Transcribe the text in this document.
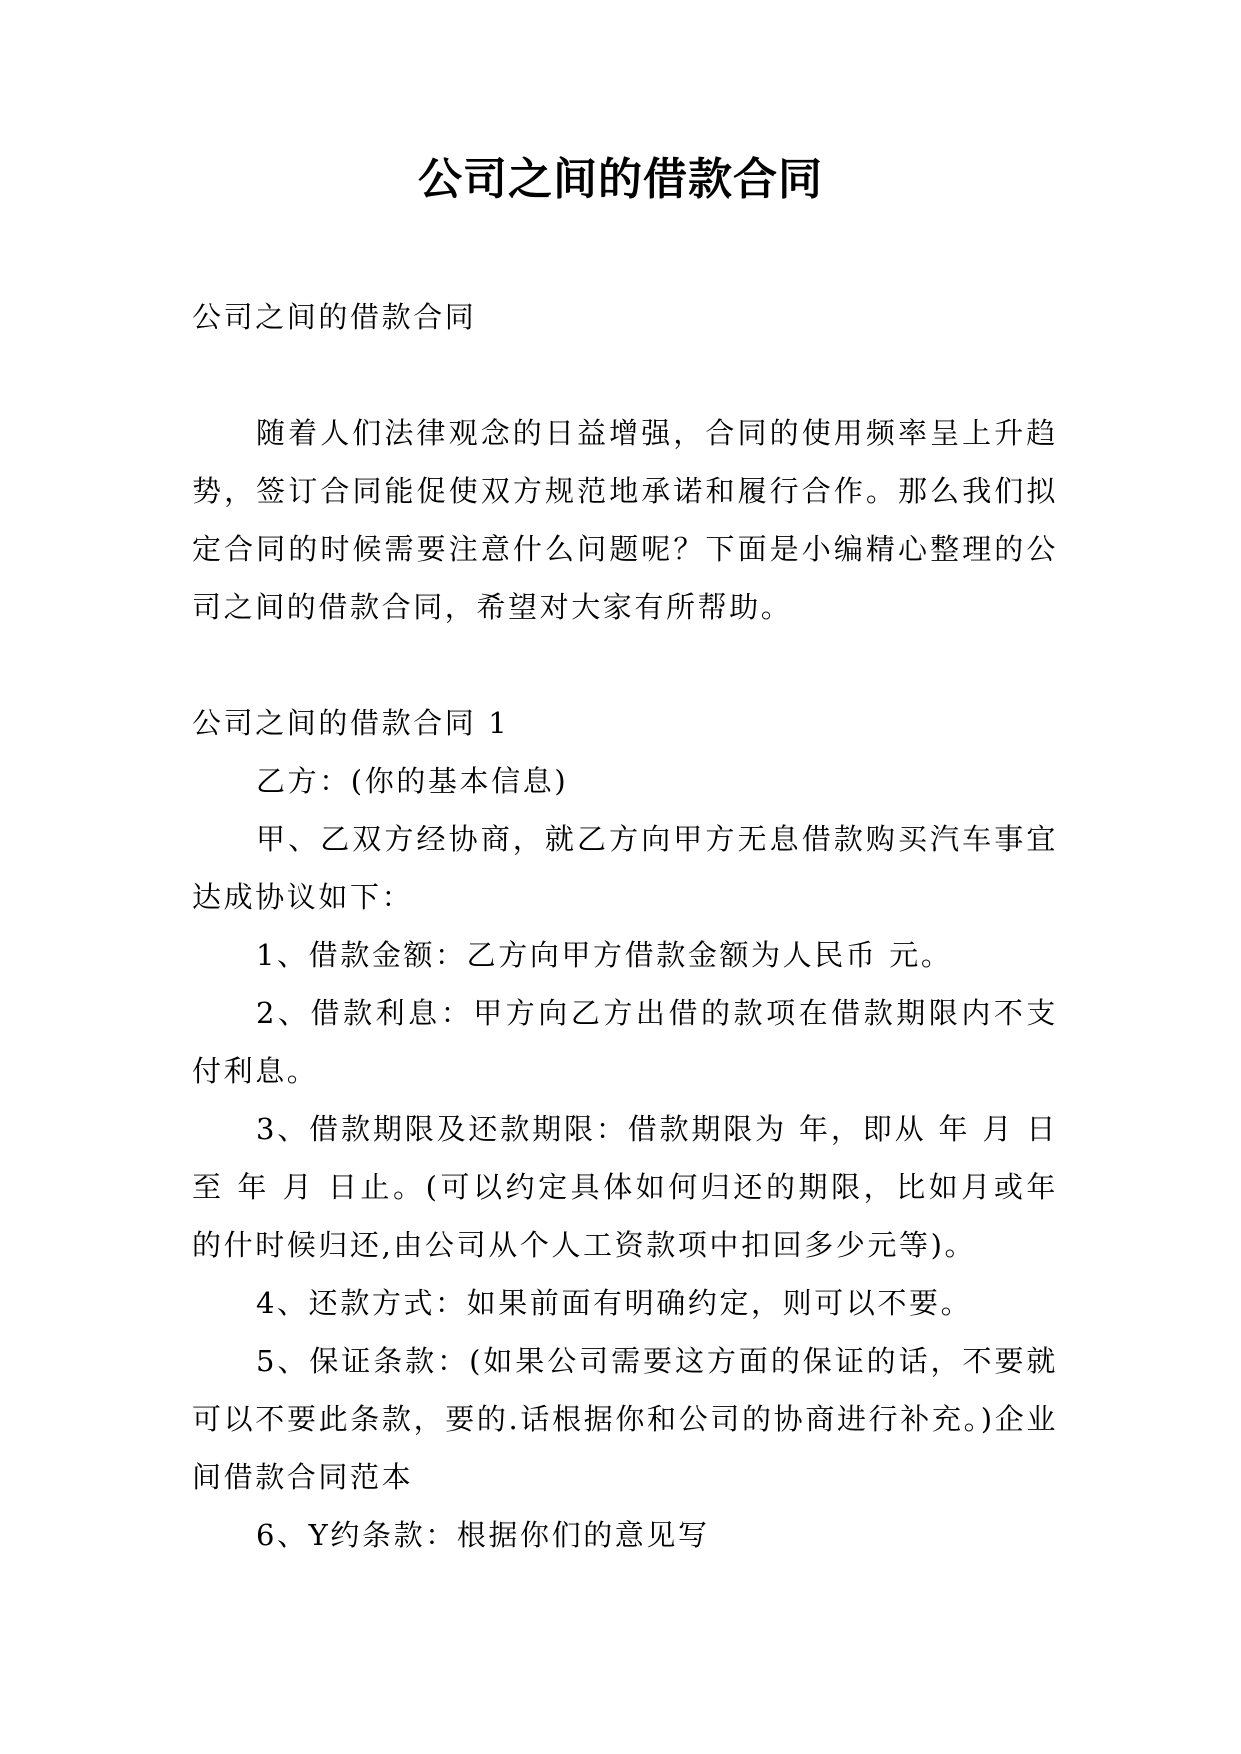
公司之间的借款合同

公司之间的借款合同

随着人们法律观念的日益增强，合同的使用频率呈上升趋势，签订合同能促使双方规范地承诺和履行合作。那么我们拟定合同的时候需要注意什么问题呢？下面是小编精心整理的公司之间的借款合同，希望对大家有所帮助。

公司之间的借款合同 1

乙方：(你的基本信息)

甲、乙双方经协商，就乙方向甲方无息借款购买汽车事宜达成协议如下：

1、借款金额：乙方向甲方借款金额为人民币 元。

2、借款利息：甲方向乙方出借的款项在借款期限内不支付利息。

3、借款期限及还款期限：借款期限为 年，即从 年 月 日至 年 月 日止。(可以约定具体如何归还的期限，比如月或年的什时候归还,由公司从个人工资款项中扣回多少元等)。

4、还款方式：如果前面有明确约定，则可以不要。

5、保证条款：(如果公司需要这方面的保证的话，不要就可以不要此条款，要的.话根据你和公司的协商进行补充。)企业间借款合同范本

6、Y约条款：根据你们的意见写
